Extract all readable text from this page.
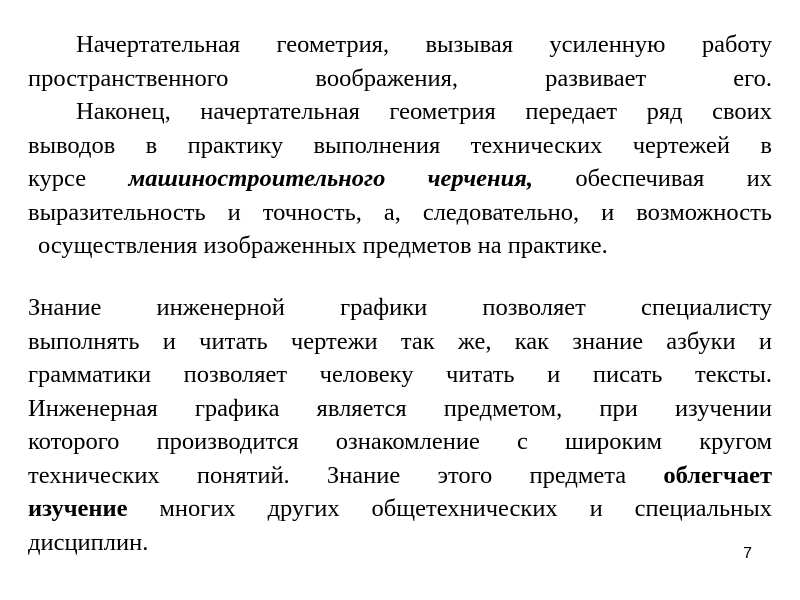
Начертательная геометрия, вызывая усиленную работу
пространственного воображения, развивает его.
Наконец, начертательная геометрия передает ряд своих
выводов в практику выполнения технических чертежей в
курсе машиностроительного черчения, обеспечивая их
выразительность и точность, а, следовательно, и возможность
осуществления изображенных предметов на практике.
Знание инженерной графики позволяет специалисту
выполнять и читать чертежи так же, как знание азбуки и
грамматики позволяет человеку читать и писать тексты.
Инженерная графика является предметом, при изучении
которого производится ознакомление с широким кругом
технических понятий. Знание этого предмета облегчает
изучение многих других общетехнических и специальных
дисциплин.	7
